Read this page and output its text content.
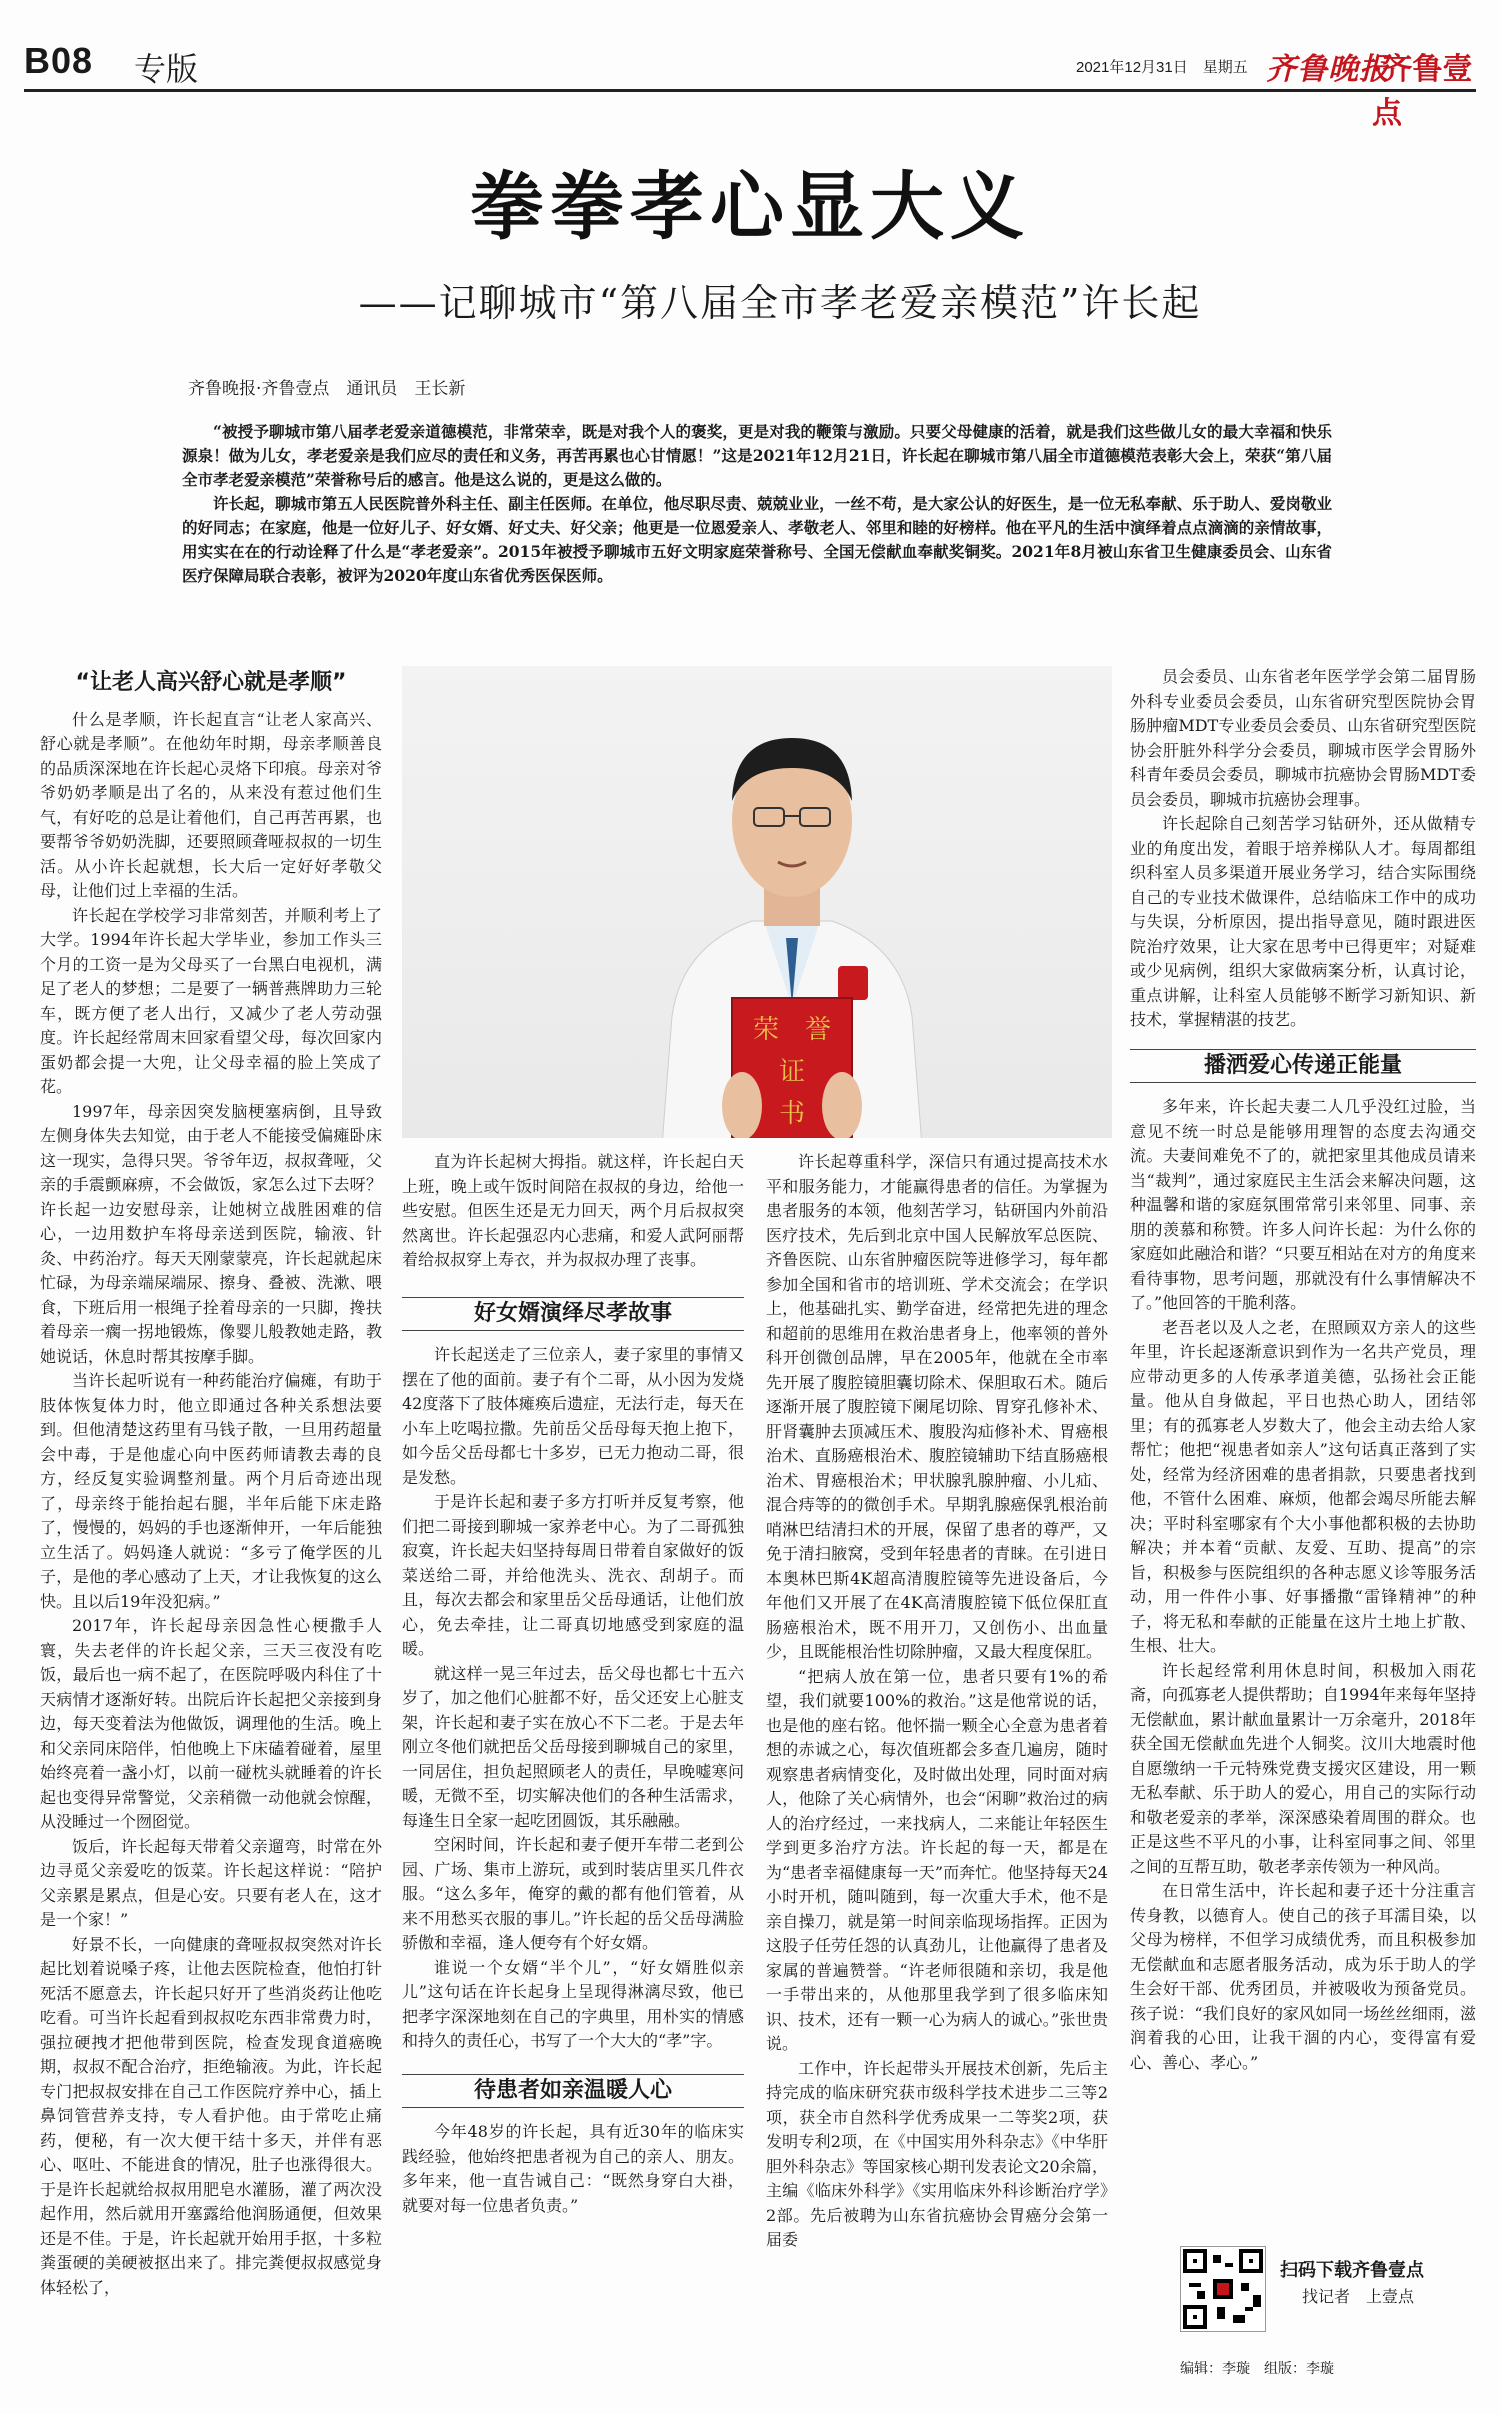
B08 专版	2021年12月31日　星期五 齐鲁晚报
·齐鲁壹点
拳拳孝心显大义
——记聊城市“第八届全市孝老爱亲模范”许长起
齐鲁晚报·齐鲁壹点　通讯员　王长新

“被授予聊城市第八届孝老爱亲道德模范，非常荣幸，既是对我个人的褒奖，更是对我的鞭策与激励。只要父母健康的活着，就是我们这些做儿女的最大幸福和快乐源泉！做为儿女，孝老爱亲是我们应尽的责任和义务，再苦再累也心甘情愿！”这是2021年12月21日，许长起在聊城市第八届全市道德模范表彰大会上，荣获“第八届全市孝老爱亲模范”荣誉称号后的感言。他是这么说的，更是这么做的。

许长起，聊城市第五人民医院普外科主任、副主任医师。在单位，他尽职尽责、兢兢业业，一丝不苟，是大家公认的好医生，是一位无私奉献、乐于助人、爱岗敬业的好同志；在家庭，他是一位好儿子、好女婿、好丈夫、好父亲；他更是一位恩爱亲人、孝敬老人、邻里和睦的好榜样。他在平凡的生活中演绎着点点滴滴的亲情故事，用实实在在的行动诠释了什么是“孝老爱亲”。2015年被授予聊城市五好文明家庭荣誉称号、全国无偿献血奉献奖铜奖。2021年8月被山东省卫生健康委员会、山东省医疗保障局联合表彰，被评为2020年度山东省优秀医保医师。

“让老人高兴舒心就是孝顺”

什么是孝顺，许长起直言“让老人家高兴、舒心就是孝顺”。在他幼年时期，母亲孝顺善良的品质深深地在许长起心灵烙下印痕。母亲对爷爷奶奶孝顺是出了名的，从来没有惹过他们生气，有好吃的总是让着他们，自己再苦再累，也要帮爷爷奶奶洗脚，还要照顾聋哑叔叔的一切生活。从小许长起就想，长大后一定好好孝敬父母，让他们过上幸福的生活。

许长起在学校学习非常刻苦，并顺利考上了大学。1994年许长起大学毕业，参加工作头三个月的工资一是为父母买了一台黑白电视机，满足了老人的梦想；二是要了一辆普燕牌助力三轮车，既方便了老人出行，又减少了老人劳动强度。许长起经常周末回家看望父母，每次回家内蛋奶都会提一大兜，让父母幸福的脸上笑成了花。

1997年，母亲因突发脑梗塞病倒，且导致左侧身体失去知觉，由于老人不能接受偏瘫卧床这一现实，急得只哭。爷爷年迈，叔叔聋哑，父亲的手震颤麻痹，不会做饭，家怎么过下去呀？许长起一边安慰母亲，让她树立战胜困难的信心，一边用数护车将母亲送到医院，输液、针灸、中药治疗。每天天刚蒙蒙亮，许长起就起床忙碌，为母亲端屎端尿、擦身、叠被、洗漱、喂食，下班后用一根绳子拴着母亲的一只脚，搀扶着母亲一瘸一拐地锻炼，像婴儿般教她走路，教她说话，休息时帮其按摩手脚。

当许长起听说有一种药能治疗偏瘫，有助于肢体恢复体力时，他立即通过各种关系想法要到。但他清楚这药里有马钱子散，一旦用药超量会中毒，于是他虚心向中医药师请教去毒的良方，经反复实验调整剂量。两个月后奇迹出现了，母亲终于能抬起右腿，半年后能下床走路了，慢慢的，妈妈的手也逐渐伸开，一年后能独立生活了。妈妈逢人就说：“多亏了俺学医的儿子，是他的孝心感动了上天，才让我恢复的这么快。且以后19年没犯病。”

2017年，许长起母亲因急性心梗撒手人寰，失去老伴的许长起父亲，三天三夜没有吃饭，最后也一病不起了，在医院呼吸内科住了十天病情才逐渐好转。出院后许长起把父亲接到身边，每天变着法为他做饭，调理他的生活。晚上和父亲同床陪伴，怕他晚上下床磕着碰着，屋里始终亮着一盏小灯，以前一碰枕头就睡着的许长起也变得异常警觉，父亲稍微一动他就会惊醒，从没睡过一个囫囵觉。

饭后，许长起每天带着父亲遛弯，时常在外边寻觅父亲爱吃的饭菜。许长起这样说：“陪护父亲累是累点，但是心安。只要有老人在，这才是一个家！”

好景不长，一向健康的聋哑叔叔突然对许长起比划着说嗓子疼，让他去医院检查，他怕打针死活不愿意去，许长起只好开了些消炎药让他吃吃看。可当许长起看到叔叔吃东西非常费力时，强拉硬拽才把他带到医院，检查发现食道癌晚期，叔叔不配合治疗，拒绝输液。为此，许长起专门把叔叔安排在自己工作医院疗养中心，插上鼻饲管营养支持，专人看护他。由于常吃止痛药，便秘，有一次大便干结十多天，并伴有恶心、呕吐、不能进食的情况，肚子也涨得很大。于是许长起就给叔叔用肥皂水灌肠，灌了两次没起作用，然后就用开塞露给他润肠通便，但效果还是不佳。于是，许长起就开始用手抠，十多粒粪蛋硬的美硬被抠出来了。排完粪便叔叔感觉身体轻松了，

荣　誉
证
书

直为许长起树大拇指。就这样，许长起白天上班，晚上或午饭时间陪在叔叔的身边，给他一些安慰。但医生还是无力回天，两个月后叔叔突然离世。许长起强忍内心悲痛，和爱人武阿丽帮着给叔叔穿上寿衣，并为叔叔办理了丧事。

好女婿演绎尽孝故事

许长起送走了三位亲人，妻子家里的事情又摆在了他的面前。妻子有个二哥，从小因为发烧42度落下了肢体瘫痪后遗症，无法行走，每天在小车上吃喝拉撒。先前岳父岳母每天抱上抱下，如今岳父岳母都七十多岁，已无力抱动二哥，很是发愁。

于是许长起和妻子多方打听并反复考察，他们把二哥接到聊城一家养老中心。为了二哥孤独寂寞，许长起夫妇坚持每周日带着自家做好的饭菜送给二哥，并给他洗头、洗衣、刮胡子。而且，每次去都会和家里岳父岳母通话，让他们放心，免去牵挂，让二哥真切地感受到家庭的温暖。

就这样一晃三年过去，岳父母也都七十五六岁了，加之他们心脏都不好，岳父还安上心脏支架，许长起和妻子实在放心不下二老。于是去年刚立冬他们就把岳父岳母接到聊城自己的家里，一同居住，担负起照顾老人的责任，早晚嘘寒问暖，无微不至，切实解决他们的各种生活需求，每逢生日全家一起吃团圆饭，其乐融融。

空闲时间，许长起和妻子便开车带二老到公园、广场、集市上游玩，或到时装店里买几件衣服。“这么多年，俺穿的戴的都有他们管着，从来不用愁买衣服的事儿。”许长起的岳父岳母满脸骄傲和幸福，逢人便夸有个好女婿。

谁说一个女婿“半个儿”，“好女婿胜似亲儿”这句话在许长起身上呈现得淋漓尽致，他已把孝字深深地刻在自己的字典里，用朴实的情感和持久的责任心，书写了一个大大的“孝”字。

待患者如亲温暖人心

今年48岁的许长起，具有近30年的临床实践经验，他始终把患者视为自己的亲人、朋友。多年来，他一直告诫自己：“既然身穿白大褂，就要对每一位患者负责。”

许长起尊重科学，深信只有通过提高技术水平和服务能力，才能赢得患者的信任。为掌握为患者服务的本领，他刻苦学习，钻研国内外前沿医疗技术，先后到北京中国人民解放军总医院、齐鲁医院、山东省肿瘤医院等进修学习，每年都参加全国和省市的培训班、学术交流会；在学识上，他基础扎实、勤学奋进，经常把先进的理念和超前的思维用在救治患者身上，他率领的普外科开创微创品牌，早在2005年，他就在全市率先开展了腹腔镜胆囊切除术、保胆取石术。随后逐渐开展了腹腔镜下阑尾切除、胃穿孔修补术、肝肾囊肿去顶减压术、腹股沟疝修补术、胃癌根治术、直肠癌根治术、腹腔镜辅助下结直肠癌根治术、胃癌根治术；甲状腺乳腺肿瘤、小儿疝、混合痔等的的微创手术。早期乳腺癌保乳根治前哨淋巴结清扫术的开展，保留了患者的尊严，又免于清扫腋窝，受到年轻患者的青睐。在引进日本奥林巴斯4K超高清腹腔镜等先进设备后，今年他们又开展了在4K高清腹腔镜下低位保肛直肠癌根治术，既不用开刀，又创伤小、出血量少，且既能根治性切除肿瘤，又最大程度保肛。

“把病人放在第一位，患者只要有1%的希望，我们就要100%的救治。”这是他常说的话，也是他的座右铭。他怀揣一颗全心全意为患者着想的赤诚之心，每次值班都会多查几遍房，随时观察患者病情变化，及时做出处理，同时面对病人，他除了关心病情外，也会“闲聊”救治过的病人的治疗经过，一来找病人，二来能让年轻医生学到更多治疗方法。许长起的每一天，都是在为“患者幸福健康每一天”而奔忙。他坚持每天24小时开机，随叫随到，每一次重大手术，他不是亲自操刀，就是第一时间亲临现场指挥。正因为这股子任劳任怨的认真劲儿，让他赢得了患者及家属的普遍赞誉。“许老师很随和亲切，我是他一手带出来的，从他那里我学到了很多临床知识、技术，还有一颗一心为病人的诚心。”张世贵说。

工作中，许长起带头开展技术创新，先后主持完成的临床研究获市级科学技术进步二三等2项，获全市自然科学优秀成果一二等奖2项，获发明专利2项，在《中国实用外科杂志》《中华肝胆外科杂志》等国家核心期刊发表论文20余篇，主编《临床外科学》《实用临床外科诊断治疗学》2部。先后被聘为山东省抗癌协会胃癌分会第一届委

员会委员、山东省老年医学学会第二届胃肠外科专业委员会委员，山东省研究型医院协会胃肠肿瘤MDT专业委员会委员、山东省研究型医院协会肝脏外科学分会委员，聊城市医学会胃肠外科青年委员会委员，聊城市抗癌协会胃肠MDT委员会委员，聊城市抗癌协会理事。

许长起除自己刻苦学习钻研外，还从做精专业的角度出发，着眼于培养梯队人才。每周都组织科室人员多渠道开展业务学习，结合实际围绕自己的专业技术做课件，总结临床工作中的成功与失误，分析原因，提出指导意见，随时跟进医院治疗效果，让大家在思考中已得更牢；对疑难或少见病例，组织大家做病案分析，认真讨论，重点讲解，让科室人员能够不断学习新知识、新技术，掌握精湛的技艺。

播洒爱心传递正能量

多年来，许长起夫妻二人几乎没红过脸，当意见不统一时总是能够用理智的态度去沟通交流。夫妻间难免不了的，就把家里其他成员请来当“裁判”，通过家庭民主生活会来解决问题，这种温馨和谐的家庭氛围常常引来邻里、同事、亲朋的羡慕和称赞。许多人问许长起：为什么你的家庭如此融洽和谐？“只要互相站在对方的角度来看待事物，思考问题，那就没有什么事情解决不了。”他回答的干脆利落。

老吾老以及人之老，在照顾双方亲人的这些年里，许长起逐渐意识到作为一名共产党员，理应带动更多的人传承孝道美德，弘扬社会正能量。他从自身做起，平日也热心助人，团结邻里；有的孤寡老人岁数大了，他会主动去给人家帮忙；他把“视患者如亲人”这句话真正落到了实处，经常为经济困难的患者捐款，只要患者找到他，不管什么困难、麻烦，他都会竭尽所能去解决；平时科室哪家有个大小事他都积极的去协助解决；并本着“贡献、友爱、互助、提高”的宗旨，积极参与医院组织的各种志愿义诊等服务活动，用一件件小事、好事播撒“雷锋精神”的种子，将无私和奉献的正能量在这片土地上扩散、生根、壮大。

许长起经常利用休息时间，积极加入雨花斋，向孤寡老人提供帮助；自1994年来每年坚持无偿献血，累计献血量累计一万余毫升，2018年获全国无偿献血先进个人铜奖。汶川大地震时他自愿缴纳一千元特殊党费支援灾区建设，用一颗无私奉献、乐于助人的爱心，用自己的实际行动和敬老爱亲的孝举，深深感染着周围的群众。也正是这些不平凡的小事，让科室同事之间、邻里之间的互帮互助，敬老孝亲传领为一种风尚。

在日常生活中，许长起和妻子还十分注重言传身教，以德育人。使自己的孩子耳濡目染，以父母为榜样，不但学习成绩优秀，而且积极参加无偿献血和志愿者服务活动，成为乐于助人的学生会好干部、优秀团员，并被吸收为预备党员。孩子说：“我们良好的家风如同一场丝丝细雨，滋润着我的心田，让我干涸的内心，变得富有爱心、善心、孝心。”

扫码下载齐鲁壹点
找记者　上壹点
编辑：李璇　组版：李璇
